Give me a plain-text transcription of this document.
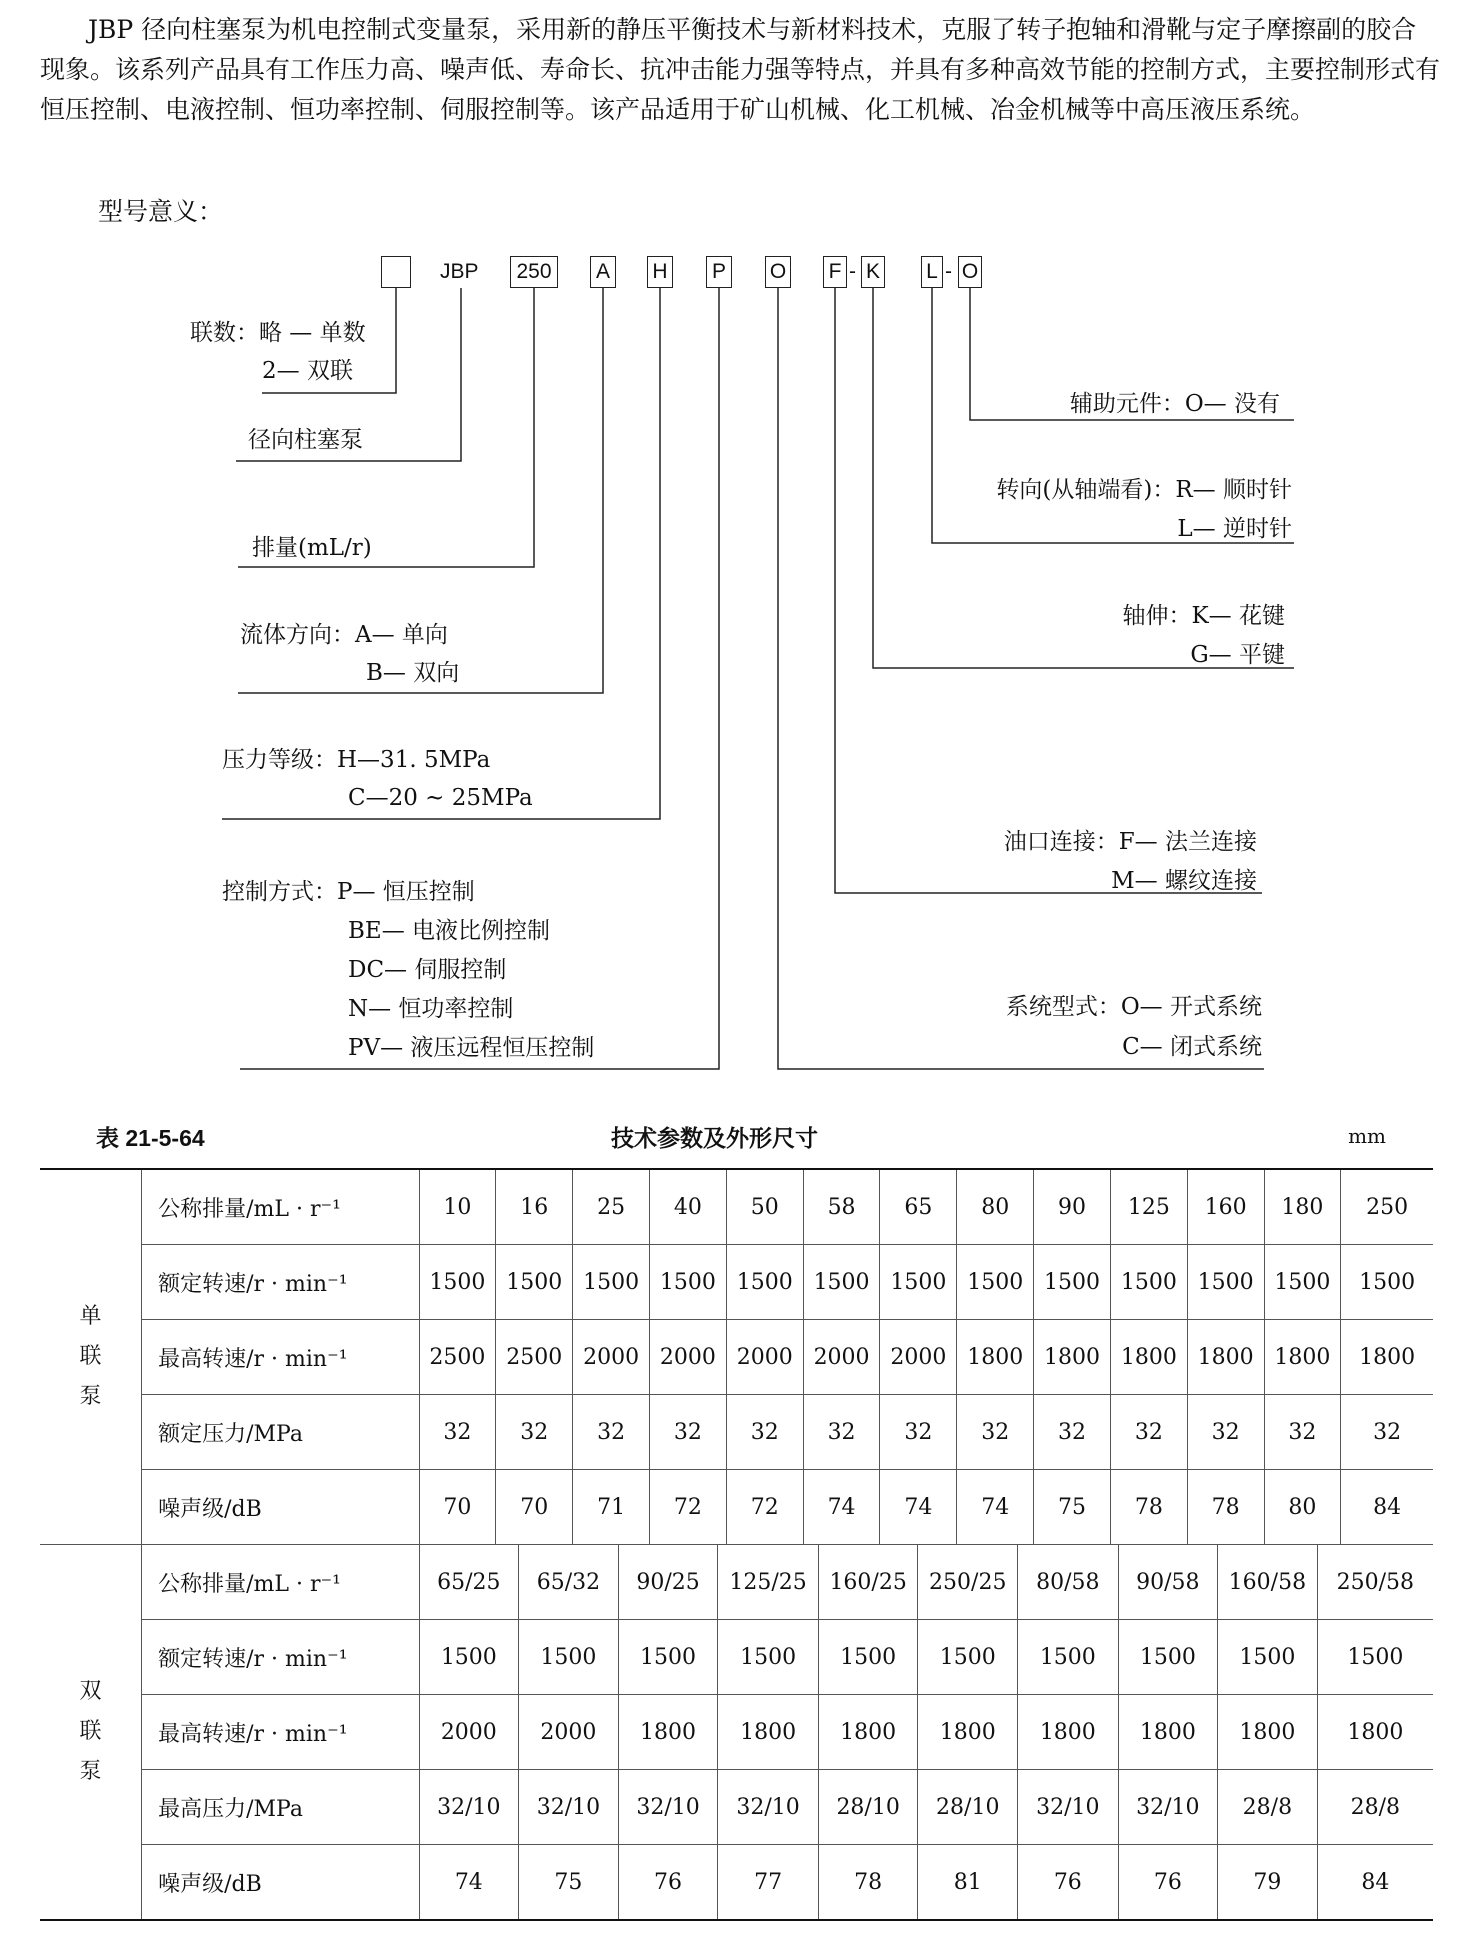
JBP 径向柱塞泵为机电控制式变量泵，采用新的静压平衡技术与新材料技术，克服了转子抱轴和滑靴与定子摩擦副的胶合现象。该系列产品具有工作压力高、噪声低、寿命长、抗冲击能力强等特点，并具有多种高效节能的控制方式，主要控制形式有恒压控制、电液控制、恒功率控制、伺服控制等。该产品适用于矿山机械、化工机械、冶金机械等中高压液压系统。

型号意义：
JBP	250	A H P O F - K L - O
联数：略 — 单数
2— 双联
径向柱塞泵
排量(mL/r)
流体方向：A— 单向
B— 双向
压力等级：H—31. 5MPa
C—20 ~ 25MPa
控制方式：P— 恒压控制
BE— 电液比例控制
DC— 伺服控制
N— 恒功率控制
PV— 液压远程恒压控制
辅助元件：O— 没有
转向(从轴端看)：R— 顺时针
L— 逆时针
轴伸：K— 花键
G— 平键
油口连接：F— 法兰连接
M— 螺纹连接
系统型式：O— 开式系统
C— 闭式系统
表 21-5-64	技术参数及外形尺寸	mm
单
联
泵	公称排量/mL · r⁻¹	10	16		25		40		50	58		65		80		90	125		160		180		250
	额定转速/r · min⁻¹	1500	1500		1500		1500		1500	1500		1500		1500		1500	1500		1500		1500		1500
	最高转速/r · min⁻¹	2500	2500		2000		2000		2000	2000		2000		1800		1800	1800		1800		1800		1800
	额定压力/MPa	32	32		32		32		32	32		32		32		32	32		32		32		32
	噪声级/dB	70	70		71		72		72	74		74		74		75	78		78		80		84

双
联
泵	公称排量/mL · r⁻¹	65/25		65/32		90/25		125/25			160/25		250/25		80/58			90/58		160/58		250/58	
	额定转速/r · min⁻¹	1500		1500		1500		1500			1500		1500		1500			1500		1500		1500	
	最高转速/r · min⁻¹	2000		2000		1800		1800			1800		1800		1800			1800		1800		1800	
	最高压力/MPa	32/10		32/10		32/10		32/10			28/10		28/10		32/10			32/10		28/8		28/8	
	噪声级/dB	74		75		76		77			78		81		76			76		79		84	
